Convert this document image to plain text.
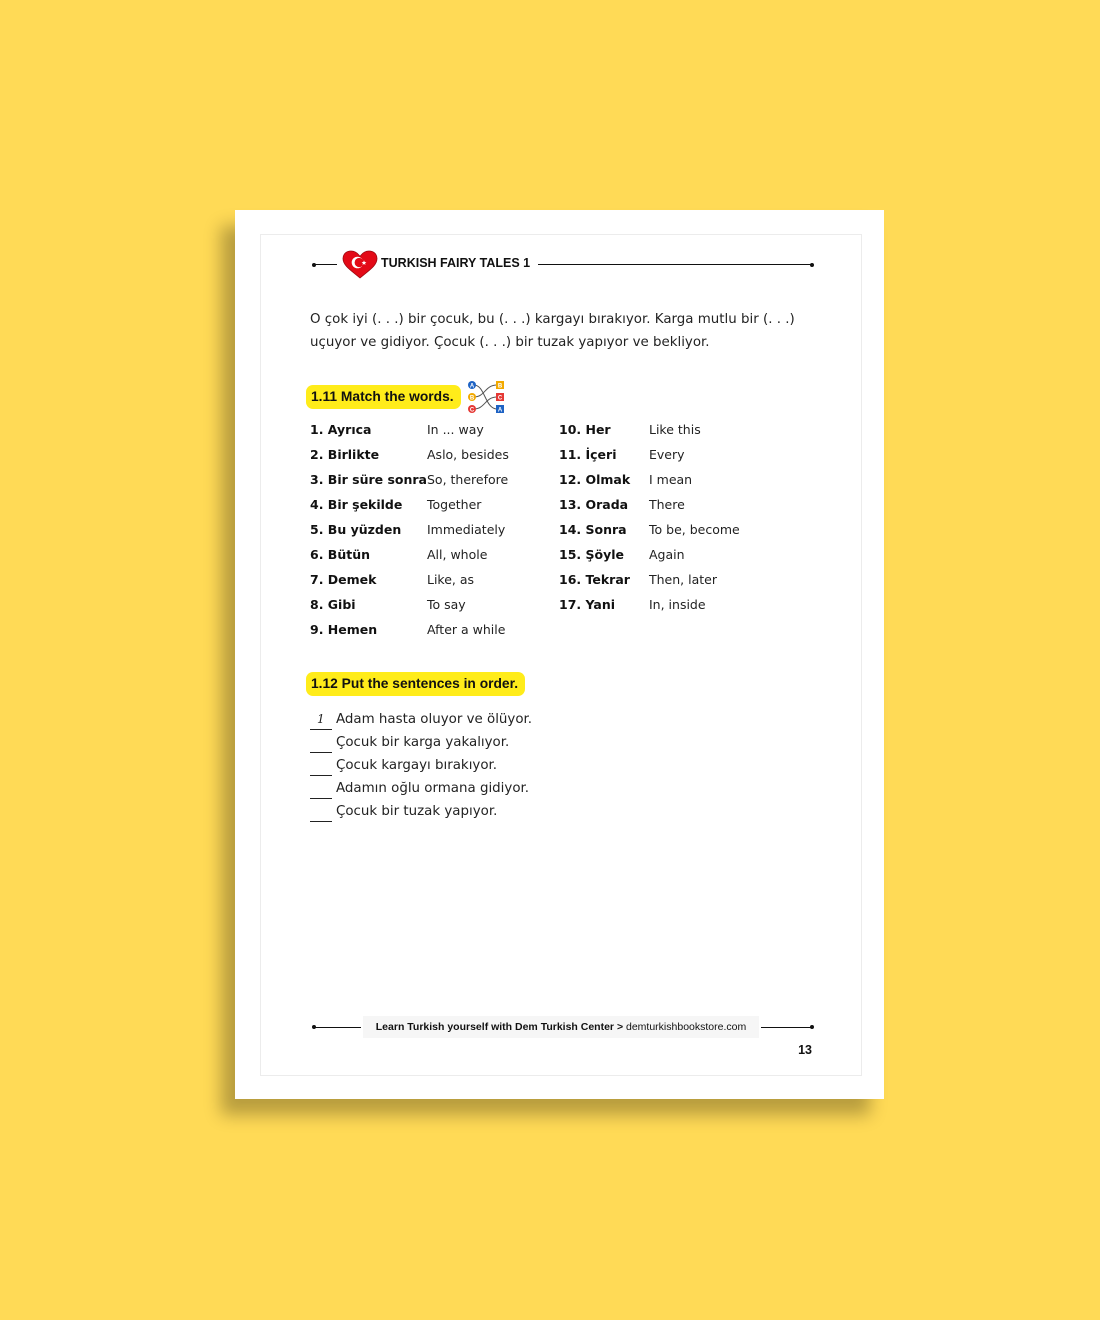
TURKISH FAIRY TALES 1
O çok iyi (. . .) bir çocuk, bu (. . .) kargayı bırakıyor. Karga mutlu bir (. . .) uçuyor ve gidiyor. Çocuk (. . .) bir tuzak yapıyor ve bekliyor.
1.11 Match the words.
A
B
C
B
C
A
1. Ayrıca	In ... way
2. Birlikte	Aslo, besides
3. Bir süre sonra So, therefore
4. Bir şekilde	Together
5. Bu yüzden	Immediately
6. Bütün	All, whole
7. Demek	Like, as
8. Gibi	To say
9. Hemen	After a while
10. Her	Like this
11. İçeri	Every
12. Olmak	I mean
13. Orada	There
14. Sonra	To be, become
15. Şöyle	Again
16. Tekrar	Then, later
17. Yani	In, inside
1.12 Put the sentences in order.
1 Adam hasta oluyor ve ölüyor.
Çocuk bir karga yakalıyor.
Çocuk kargayı bırakıyor.
Adamın oğlu ormana gidiyor.
Çocuk bir tuzak yapıyor.
Learn Turkish yourself with Dem Turkish Center > demturkishbookstore.com
13
